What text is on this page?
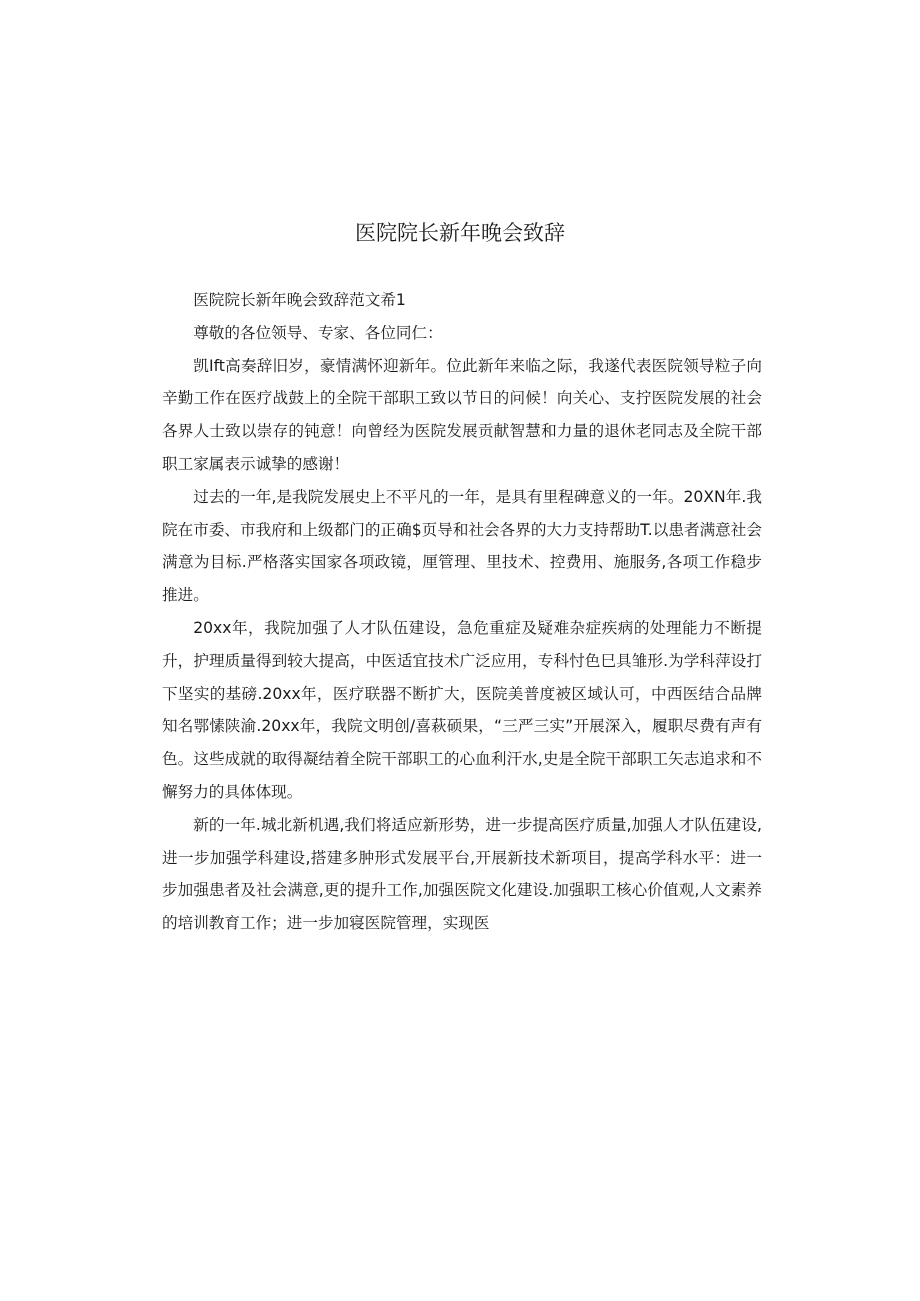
医院院长新年晚会致辞

医院院长新年晚会致辞范文希1

尊敬的各位领导、专家、各位同仁：

凯Ift高奏辞旧岁，豪情满怀迎新年。位此新年来临之际，我遂代表医院领导粒子向辛勤工作在医疗战鼓上的全院干部职工致以节日的问候！向关心、支拧医院发展的社会各界人士致以崇存的钝意！向曾经为医院发展贡献智慧和力量的退休老同志及全院干部职工家属表示诚挚的感谢！

过去的一年,是我院发展史上不平凡的一年，是具有里程碑意义的一年。20XN年.我院在市委、市我府和上级都门的正确$页导和社会各界的大力支持帮助T.以患者满意社会满意为目标.严格落实国家各项政镜，厘管理、里技术、控费用、施服务,各项工作稳步推进。

20xx年，我院加强了人才队伍建设，急危重症及疑难杂症疾病的处理能力不断提升，护理质量得到较大提高，中医适宜技术广泛应用，专科忖色巳具雏形.为学科萍设打下坚实的基磅.20xx年，医疗联器不断扩大，医院美普度被区域认可，中西医结合品牌知名鄂愫陕渝.20xx年，我院文明创/喜萩硕果，“三严三实”开展深入，履职尽费有声有色。这些成就的取得凝结着全院干部职工的心血利汗水,史是全院干部职工矢志追求和不懈努力的具体体现。

新的一年.城北新机遇,我们将适应新形势，进一步提高医疗质量,加强人才队伍建设,进一步加强学科建设,搭建多肿形式发展平台,开展新技术新项目，提高学科水平：进一步加强患者及社会满意,更的提升工作,加强医院文化建设.加强职工核心价值观,人文素养的培训教育工作；进一步加寝医院管理，实现医
